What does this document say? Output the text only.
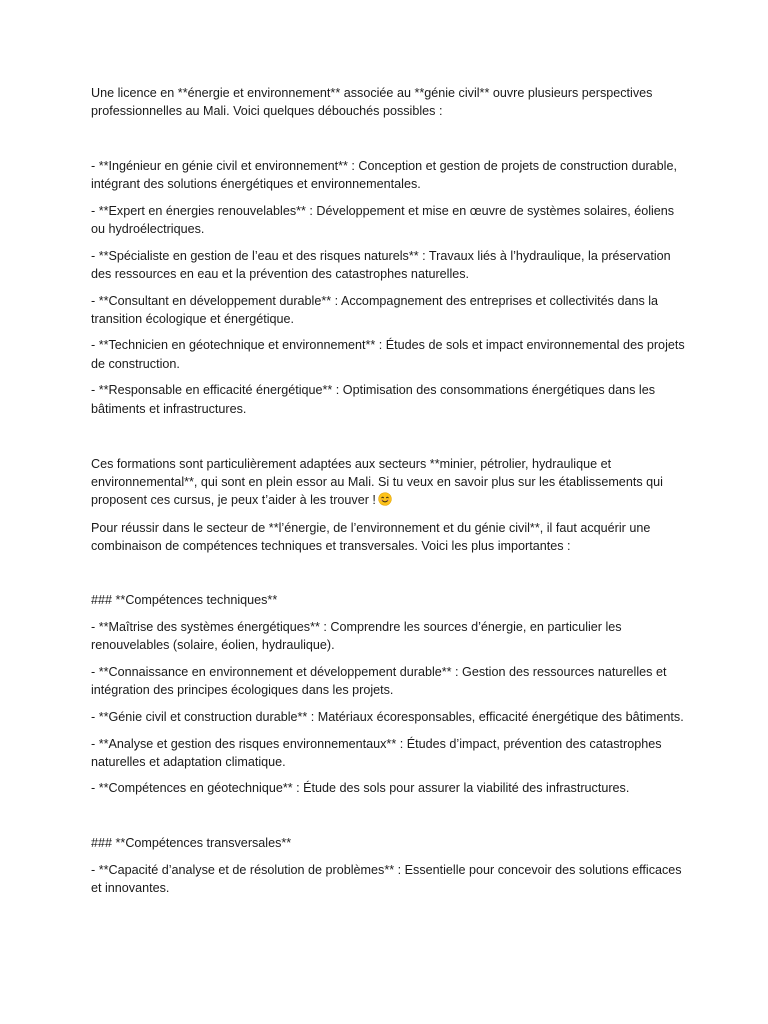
Une licence en **énergie et environnement** associée au **génie civil** ouvre plusieurs perspectives professionnelles au Mali. Voici quelques débouchés possibles :

- **Ingénieur en génie civil et environnement** : Conception et gestion de projets de construction durable, intégrant des solutions énergétiques et environnementales.

- **Expert en énergies renouvelables** : Développement et mise en œuvre de systèmes solaires, éoliens ou hydroélectriques.

- **Spécialiste en gestion de l’eau et des risques naturels** : Travaux liés à l’hydraulique, la préservation des ressources en eau et la prévention des catastrophes naturelles.

- **Consultant en développement durable** : Accompagnement des entreprises et collectivités dans la transition écologique et énergétique.

- **Technicien en géotechnique et environnement** : Études de sols et impact environnemental des projets de construction.

- **Responsable en efficacité énergétique** : Optimisation des consommations énergétiques dans les bâtiments et infrastructures.

Ces formations sont particulièrement adaptées aux secteurs **minier, pétrolier, hydraulique et environnemental**, qui sont en plein essor au Mali. Si tu veux en savoir plus sur les établissements qui proposent ces cursus, je peux t’aider à les trouver !

Pour réussir dans le secteur de **l’énergie, de l’environnement et du génie civil**, il faut acquérir une combinaison de compétences techniques et transversales. Voici les plus importantes :

### **Compétences techniques**

- **Maîtrise des systèmes énergétiques** : Comprendre les sources d’énergie, en particulier les renouvelables (solaire, éolien, hydraulique).

- **Connaissance en environnement et développement durable** : Gestion des ressources naturelles et intégration des principes écologiques dans les projets.

- **Génie civil et construction durable** : Matériaux écoresponsables, efficacité énergétique des bâtiments.

- **Analyse et gestion des risques environnementaux** : Études d’impact, prévention des catastrophes naturelles et adaptation climatique.

- **Compétences en géotechnique** : Étude des sols pour assurer la viabilité des infrastructures.

### **Compétences transversales**

- **Capacité d’analyse et de résolution de problèmes** : Essentielle pour concevoir des solutions efficaces et innovantes.
